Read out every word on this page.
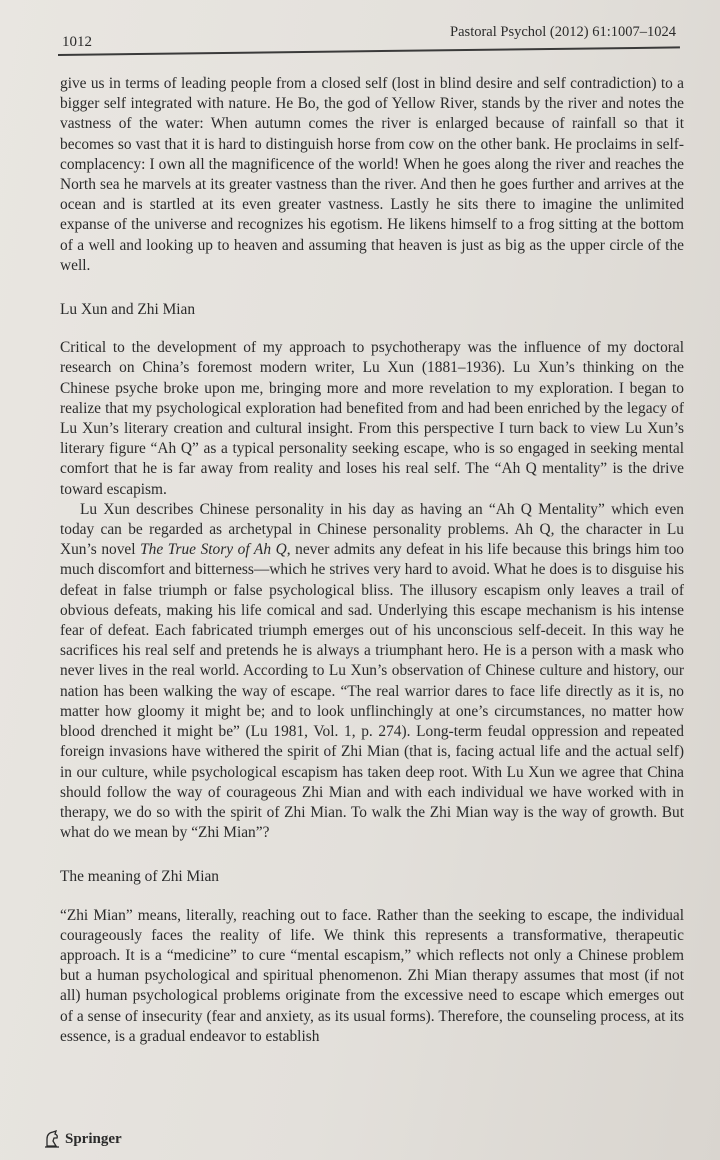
1012
Pastoral Psychol (2012) 61:1007–1024

give us in terms of leading people from a closed self (lost in blind desire and self contradiction) to a bigger self integrated with nature. He Bo, the god of Yellow River, stands by the river and notes the vastness of the water: When autumn comes the river is enlarged because of rainfall so that it becomes so vast that it is hard to distinguish horse from cow on the other bank. He proclaims in self-complacency: I own all the magnificence of the world! When he goes along the river and reaches the North sea he marvels at its greater vastness than the river. And then he goes further and arrives at the ocean and is startled at its even greater vastness. Lastly he sits there to imagine the unlimited expanse of the universe and recognizes his egotism. He likens himself to a frog sitting at the bottom of a well and looking up to heaven and assuming that heaven is just as big as the upper circle of the well.

Lu Xun and Zhi Mian

Critical to the development of my approach to psychotherapy was the influence of my doctoral research on China’s foremost modern writer, Lu Xun (1881–1936). Lu Xun’s thinking on the Chinese psyche broke upon me, bringing more and more revelation to my exploration. I began to realize that my psychological exploration had benefited from and had been enriched by the legacy of Lu Xun’s literary creation and cultural insight. From this perspective I turn back to view Lu Xun’s literary figure “Ah Q” as a typical personality seeking escape, who is so engaged in seeking mental comfort that he is far away from reality and loses his real self. The “Ah Q mentality” is the drive toward escapism.

Lu Xun describes Chinese personality in his day as having an “Ah Q Mentality” which even today can be regarded as archetypal in Chinese personality problems. Ah Q, the character in Lu Xun’s novel The True Story of Ah Q, never admits any defeat in his life because this brings him too much discomfort and bitterness—which he strives very hard to avoid. What he does is to disguise his defeat in false triumph or false psychological bliss. The illusory escapism only leaves a trail of obvious defeats, making his life comical and sad. Underlying this escape mechanism is his intense fear of defeat. Each fabricated triumph emerges out of his unconscious self-deceit. In this way he sacrifices his real self and pretends he is always a triumphant hero. He is a person with a mask who never lives in the real world. According to Lu Xun’s observation of Chinese culture and history, our nation has been walking the way of escape. “The real warrior dares to face life directly as it is, no matter how gloomy it might be; and to look unflinchingly at one’s circumstances, no matter how blood drenched it might be” (Lu 1981, Vol. 1, p. 274). Long-term feudal oppression and repeated foreign invasions have withered the spirit of Zhi Mian (that is, facing actual life and the actual self) in our culture, while psychological escapism has taken deep root. With Lu Xun we agree that China should follow the way of courageous Zhi Mian and with each individual we have worked with in therapy, we do so with the spirit of Zhi Mian. To walk the Zhi Mian way is the way of growth. But what do we mean by “Zhi Mian”?

The meaning of Zhi Mian

“Zhi Mian” means, literally, reaching out to face. Rather than the seeking to escape, the individual courageously faces the reality of life. We think this represents a transformative, therapeutic approach. It is a “medicine” to cure “mental escapism,” which reflects not only a Chinese problem but a human psychological and spiritual phenomenon. Zhi Mian therapy assumes that most (if not all) human psychological problems originate from the excessive need to escape which emerges out of a sense of insecurity (fear and anxiety, as its usual forms). Therefore, the counseling process, at its essence, is a gradual endeavor to establish

Springer
